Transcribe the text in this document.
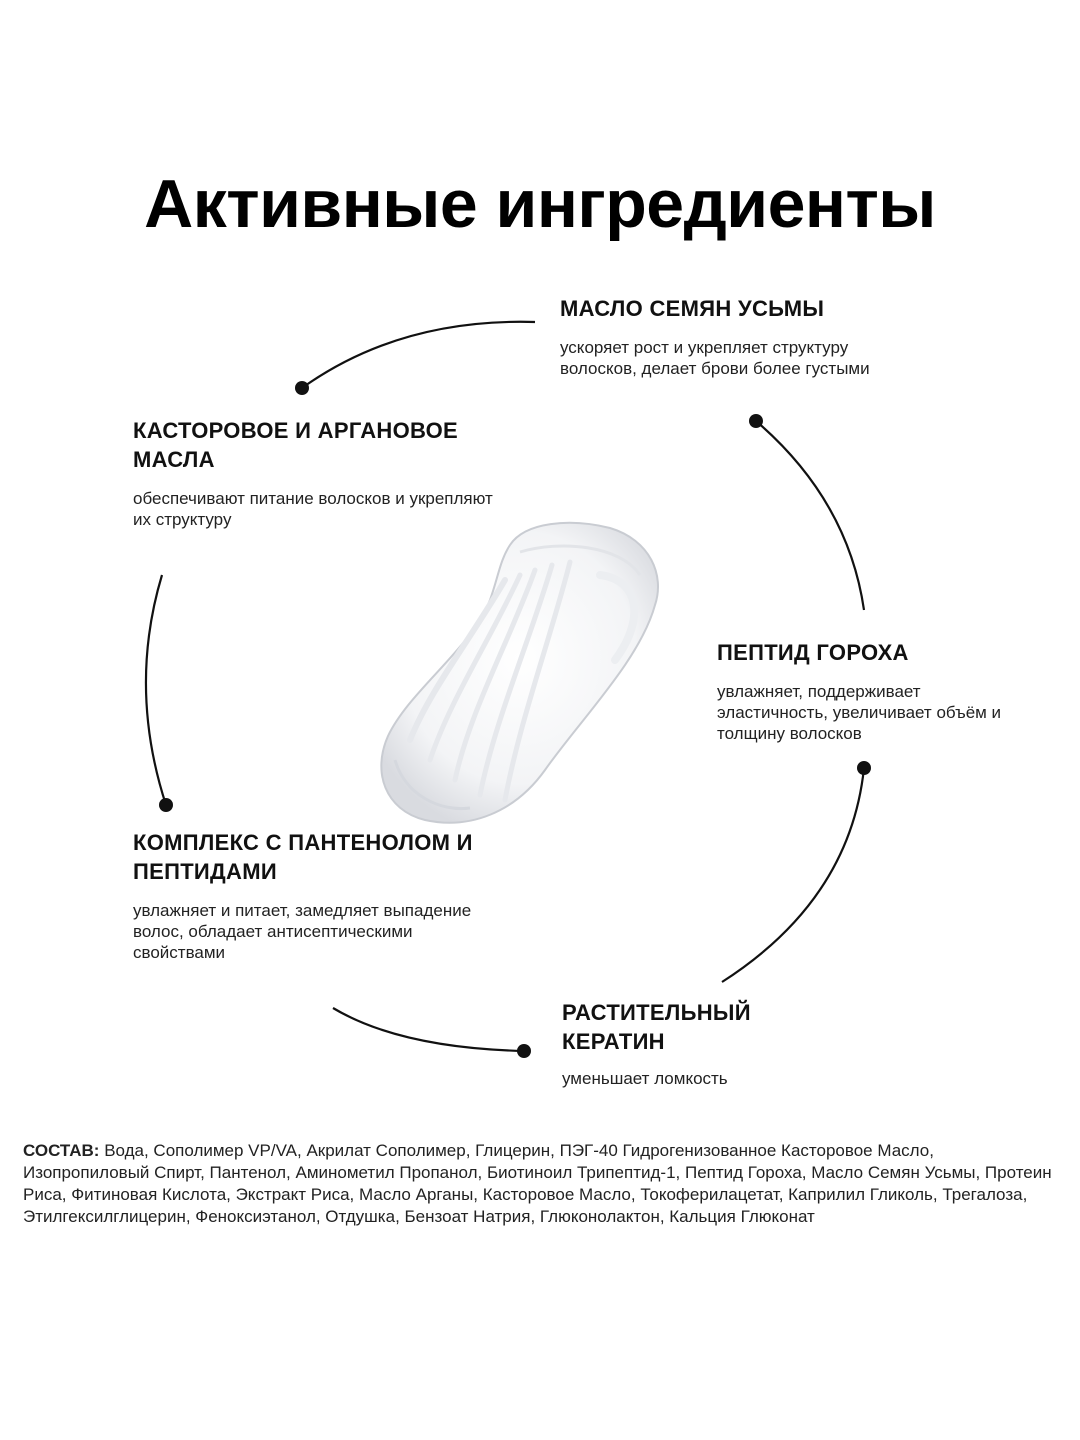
Активные ингредиенты
МАСЛО СЕМЯН УСЬМЫ

ускоряет рост и укрепляет структуру волосков, делает брови более густыми

КАСТОРОВОЕ И АРГАНОВОЕ МАСЛА

обеспечивают питание волосков и укрепляют их структуру

ПЕПТИД ГОРОХА

увлажняет, поддерживает эластичность, увеличивает объём и толщину волосков

КОМПЛЕКС С ПАНТЕНОЛОМ И ПЕПТИДАМИ

увлажняет и питает, замедляет выпадение волос, обладает антисептическими свойствами

РАСТИТЕЛЬНЫЙ КЕРАТИН

уменьшает ломкость

СОСТАВ: Вода, Сополимер VP/VA, Акрилат Сополимер, Глицерин, ПЭГ-40 Гидрогенизованное Касторовое Масло, Изопропиловый Спирт, Пантенол, Аминометил Пропанол, Биотиноил Трипептид-1, Пептид Гороха, Масло Семян Усьмы, Протеин Риса, Фитиновая Кислота, Экстракт Риса, Масло Арганы, Касторовое Масло, Токоферилацетат, Каприлил Гликоль, Трегалоза, Этилгексилглицерин, Феноксиэтанол, Отдушка, Бензоат Натрия, Глюконолактон, Кальция Глюконат
